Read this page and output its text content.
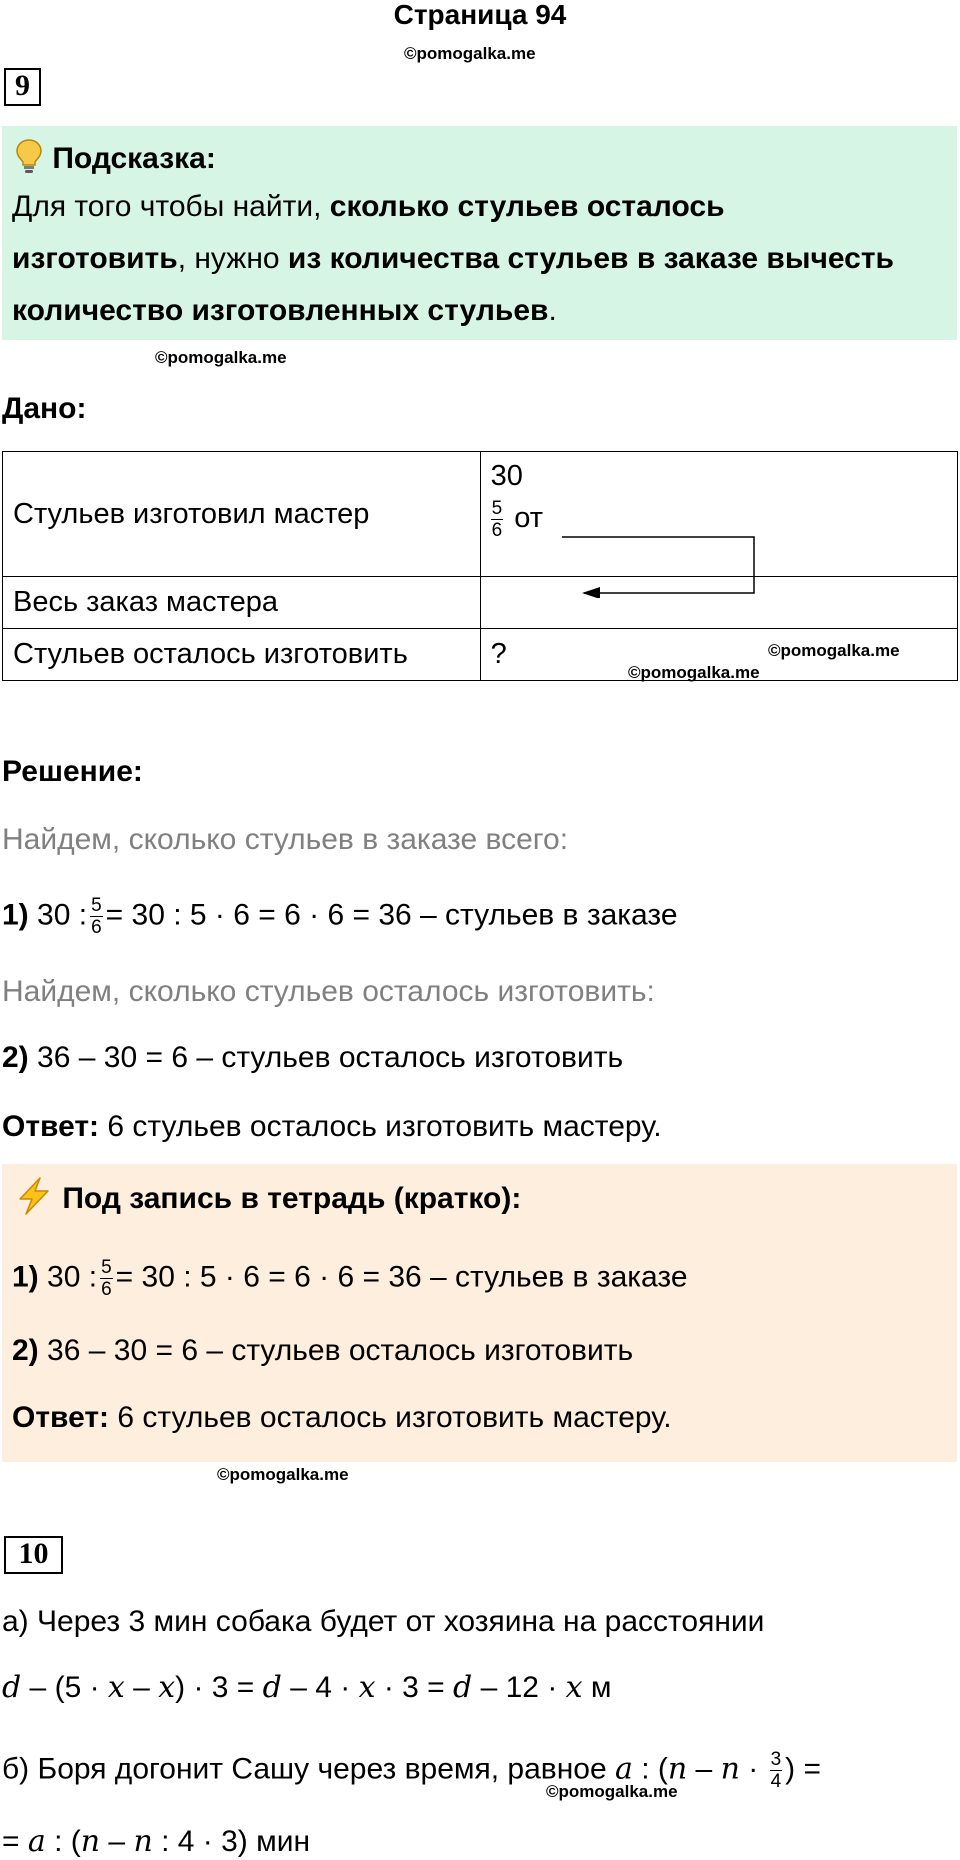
Страница 94
©pomogalka.me
9
Подсказка:
Для того чтобы найти, сколько стульев осталось
изготовить, нужно из количества стульев в заказе вычесть
количество изготовленных стульев.
©pomogalka.me
Дано:
Стульев изготовил мастер	30
$\frac{5}{6}$ от

Весь заказ мастера	
Стульев осталось изготовить	?	©pomogalka.me
©pomogalka.me
Решение:
Найдем, сколько стульев в заказе всего:
1) 30 : $\frac{5}{6} = 30$ : 5 · 6 = 6 · 6 = 36 – стульев в заказе
Найдем, сколько стульев осталось изготовить:
2) 36 – 30 = 6 – стульев осталось изготовить
Ответ: 6 стульев осталось изготовить мастеру.
Под запись в тетрадь (кратко):
1) 30 : $\frac{5}{6} = 30$ : 5 · 6 = 6 · 6 = 36 – стульев в заказе
2) 36 – 30 = 6 – стульев осталось изготовить
Ответ: 6 стульев осталось изготовить мастеру.
©pomogalka.me
10
а) Через 3 мин собака будет от хозяина на расстоянии
𝑑 – (5 · 𝑥 – 𝑥) · 3 = 𝑑 – 4 · 𝑥 · 3 = 𝑑 – 12 · 𝑥 м
б) Боря догонит Сашу через время, равное 𝑎 : (𝑛 – 𝑛 · $\frac{3}{4}$ ) =
©pomogalka.me
= 𝑎 : (𝑛 – 𝑛 : 4 · 3) мин
